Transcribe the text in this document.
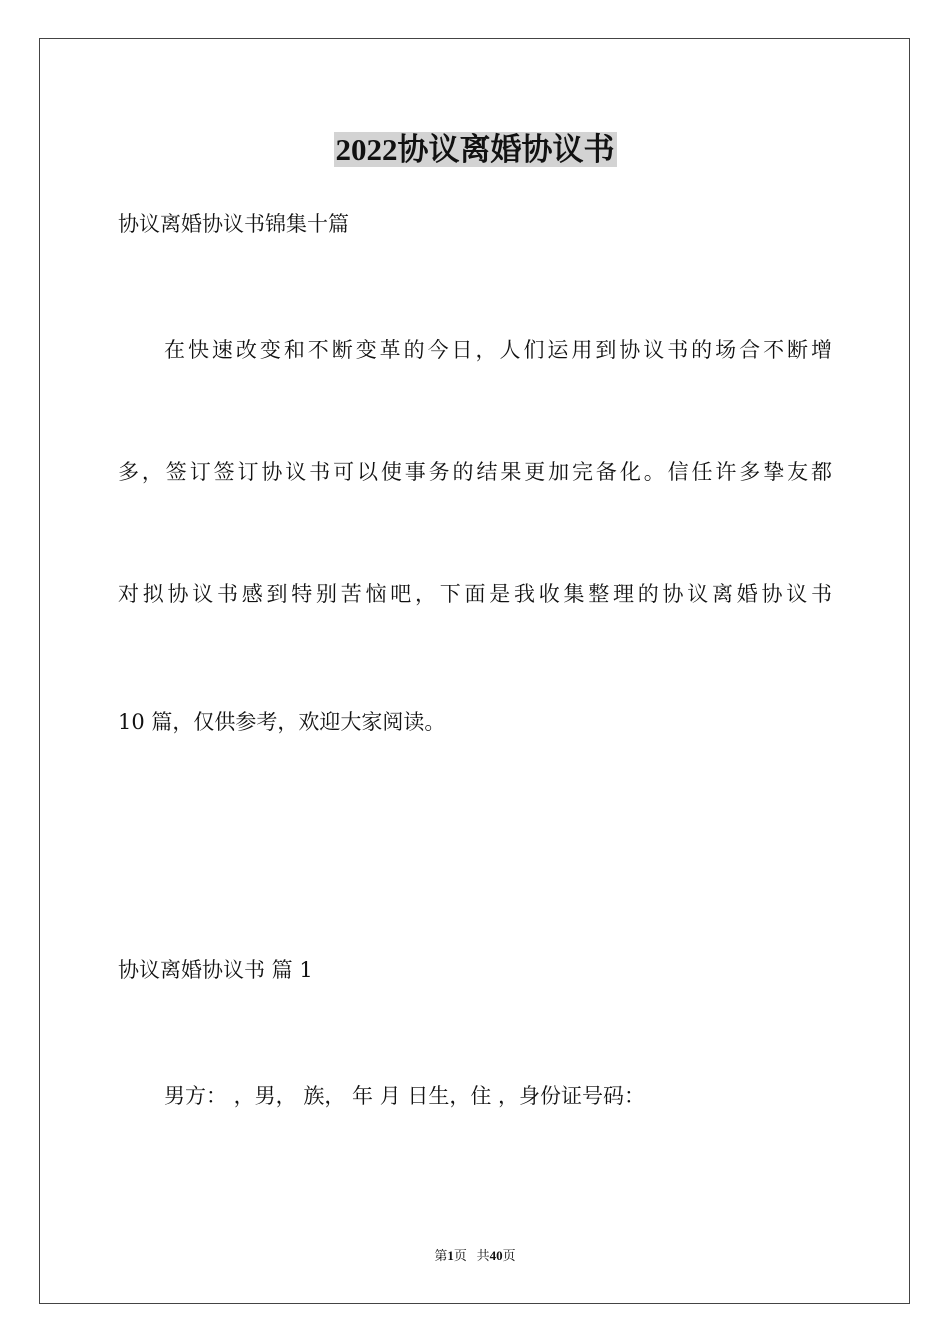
2022协议离婚协议书
协议离婚协议书锦集十篇
在快速改变和不断变革的今日，人们运用到协议书的场合不断增
多，签订签订协议书可以使事务的结果更加完备化。信任许多挚友都
对拟协议书感到特别苦恼吧，下面是我收集整理的协议离婚协议书
10 篇，仅供参考，欢迎大家阅读。
协议离婚协议书 篇 1
男方： ，男， 族， 年 月 日生，住 ，身份证号码：
第1页 共40页
